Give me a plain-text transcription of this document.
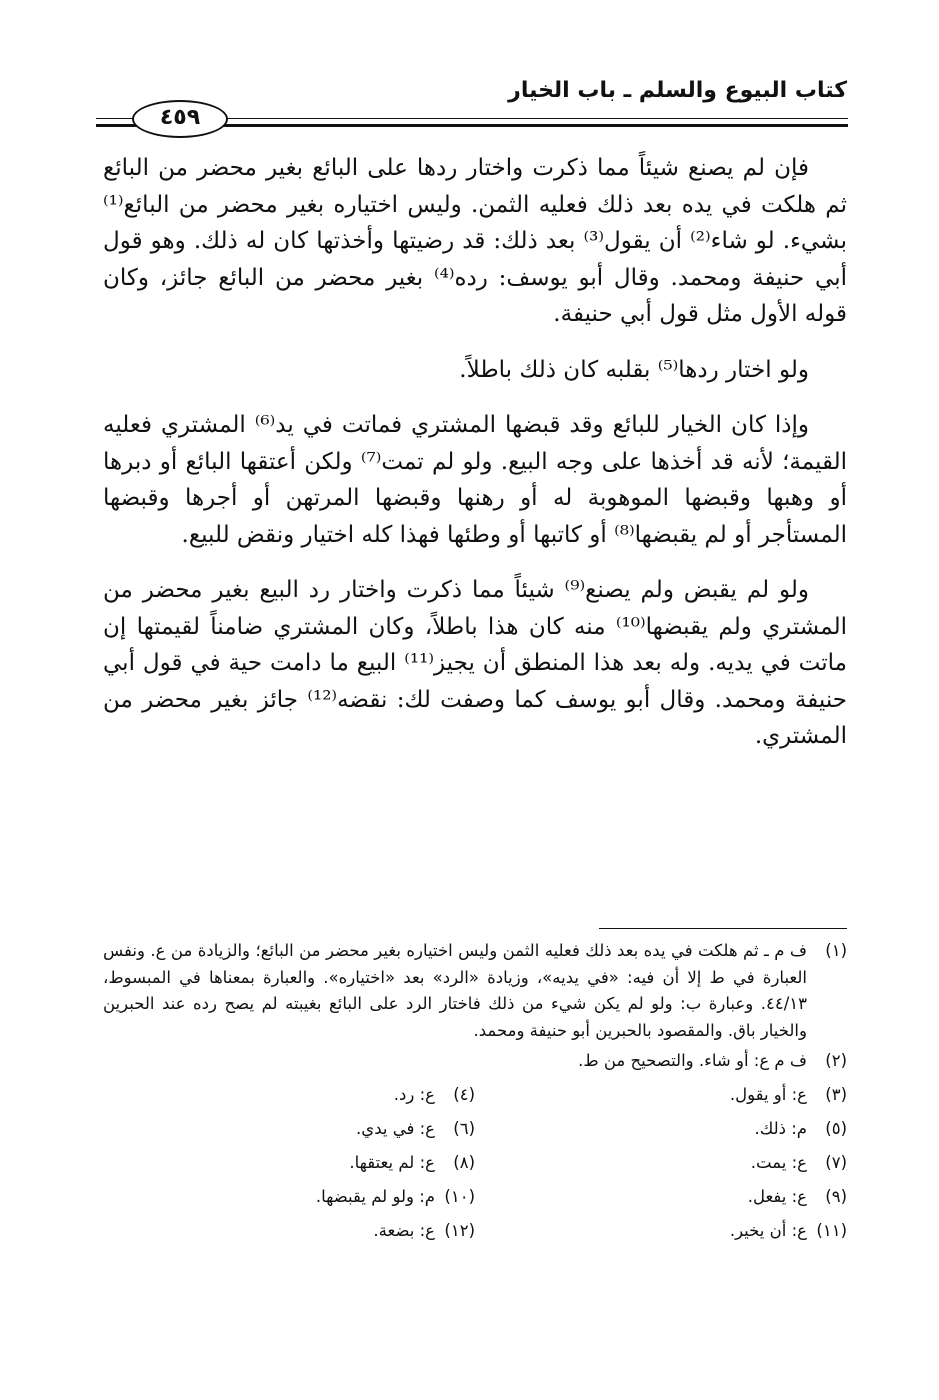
كتاب البيوع والسلم ـ باب الخيار
٤٥٩

فإن لم يصنع شيئاً مما ذكرت واختار ردها على البائع بغير محضر من البائع ثم هلكت في يده بعد ذلك فعليه الثمن. وليس اختياره بغير محضر من البائع⁽¹⁾ بشيء. لو شاء⁽²⁾ أن يقول⁽³⁾ بعد ذلك: قد رضيتها وأخذتها كان له ذلك. وهو قول أبي حنيفة ومحمد. وقال أبو يوسف: رده⁽⁴⁾ بغير محضر من البائع جائز، وكان قوله الأول مثل قول أبي حنيفة.

ولو اختار ردها⁽⁵⁾ بقلبه كان ذلك باطلاً.

وإذا كان الخيار للبائع وقد قبضها المشتري فماتت في يد⁽⁶⁾ المشتري فعليه القيمة؛ لأنه قد أخذها على وجه البيع. ولو لم تمت⁽⁷⁾ ولكن أعتقها البائع أو دبرها أو وهبها وقبضها الموهوبة له أو رهنها وقبضها المرتهن أو أجرها وقبضها المستأجر أو لم يقبضها⁽⁸⁾ أو كاتبها أو وطئها فهذا كله اختيار ونقض للبيع.

ولو لم يقبض ولم يصنع⁽⁹⁾ شيئاً مما ذكرت واختار رد البيع بغير محضر من المشتري ولم يقبضها⁽¹⁰⁾ منه كان هذا باطلاً، وكان المشتري ضامناً لقيمتها إن ماتت في يديه. وله بعد هذا المنطق أن يجيز⁽¹¹⁾ البيع ما دامت حية في قول أبي حنيفة ومحمد. وقال أبو يوسف كما وصفت لك: نقضه⁽¹²⁾ جائز بغير محضر من المشتري.

(١)
ف م ـ ثم هلكت في يده بعد ذلك فعليه الثمن وليس اختياره بغير محضر من البائع؛ والزيادة من ع. ونفس العبارة في ط إلا أن فيه: «في يديه»، وزيادة «الرد» بعد «اختياره». والعبارة بمعناها في المبسوط، ٤٤/١٣. وعبارة ب: ولو لم يكن شيء من ذلك فاختار الرد على البائع بغيبته لم يصح رده عند الحبرين والخيار باق. والمقصود بالحبرين أبو حنيفة ومحمد.
(٢)
ف م ع: أو شاء. والتصحيح من ط.
(٣)
ع: أو يقول.
(٤)
ع: رد.
(٥)
م: ذلك.
(٦)
ع: في يدي.
(٧)
ع: يمت.
(٨)
ع: لم يعتقها.
(٩)
ع: يفعل.
(١٠)
م: ولو لم يقبضها.
(١١)
ع: أن يخير.
(١٢)
ع: بضعة.
